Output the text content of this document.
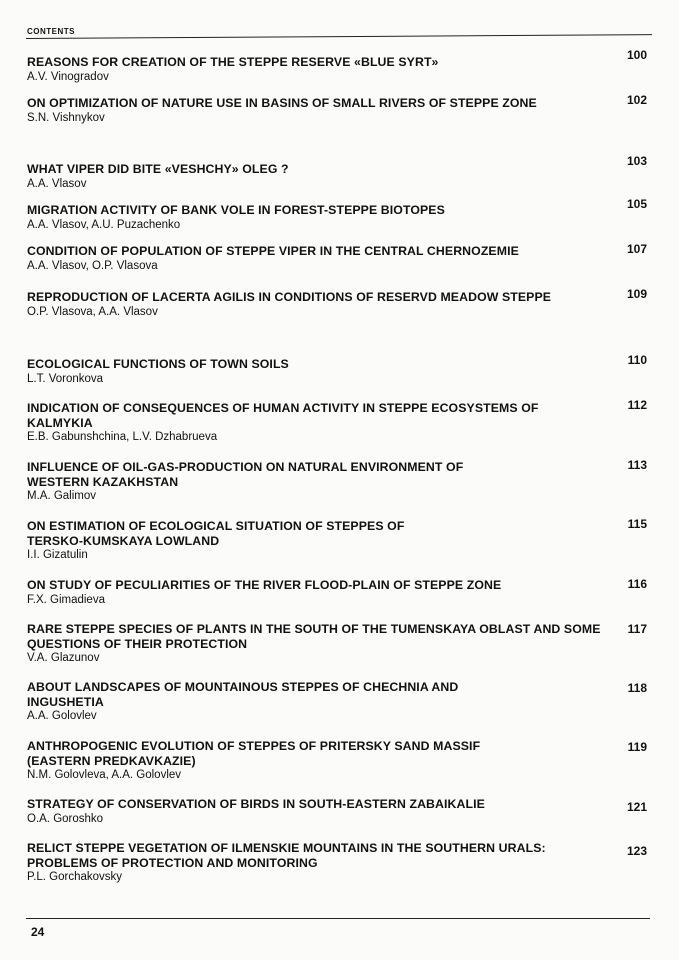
CONTENTS
REASONS FOR CREATION OF THE STEPPE RESERVE «BLUE SYRT»
A.V. Vinogradov
100
ON OPTIMIZATION OF NATURE USE IN BASINS OF SMALL RIVERS OF STEPPE ZONE
S.N. Vishnykov
102
WHAT VIPER DID BITE «VESHCHY» OLEG ?
A.A. Vlasov
103
MIGRATION ACTIVITY OF BANK VOLE IN FOREST-STEPPE BIOTOPES
A.A. Vlasov, A.U. Puzachenko
105
CONDITION OF POPULATION OF STEPPE VIPER IN THE CENTRAL CHERNOZEMIE
A.A. Vlasov, O.P. Vlasova
107
REPRODUCTION OF LACERTA AGILIS IN CONDITIONS OF RESERVD MEADOW STEPPE
O.P. Vlasova, A.A. Vlasov
109
ECOLOGICAL FUNCTIONS OF TOWN SOILS
L.T. Voronkova
110
INDICATION OF CONSEQUENCES OF HUMAN ACTIVITY IN STEPPE ECOSYSTEMS OF KALMYKIA
E.B. Gabunshchina, L.V. Dzhabrueva
112
INFLUENCE OF OIL-GAS-PRODUCTION ON NATURAL ENVIRONMENT OF WESTERN KAZAKHSTAN
M.A. Galimov
113
ON ESTIMATION OF ECOLOGICAL SITUATION OF STEPPES OF TERSKO-KUMSKAYA LOWLAND
I.I. Gizatulin
115
ON STUDY OF PECULIARITIES OF THE RIVER FLOOD-PLAIN OF STEPPE ZONE
F.X. Gimadieva
116
RARE STEPPE SPECIES OF PLANTS IN THE SOUTH OF THE TUMENSKAYA OBLAST AND SOME QUESTIONS OF THEIR PROTECTION
V.A. Glazunov
117
ABOUT LANDSCAPES OF MOUNTAINOUS STEPPES OF CHECHNIA AND INGUSHETIA
A.A. Golovlev
118
ANTHROPOGENIC EVOLUTION OF STEPPES OF PRITERSKY SAND MASSIF (EASTERN PREDKAVKAZIE)
N.M. Golovleva, A.A. Golovlev
119
STRATEGY OF CONSERVATION OF BIRDS IN SOUTH-EASTERN ZABAIKALIE
O.A. Goroshko
121
RELICT STEPPE VEGETATION OF ILMENSKIE MOUNTAINS IN THE SOUTHERN URALS: PROBLEMS OF PROTECTION AND MONITORING
P.L. Gorchakovsky
123
24
